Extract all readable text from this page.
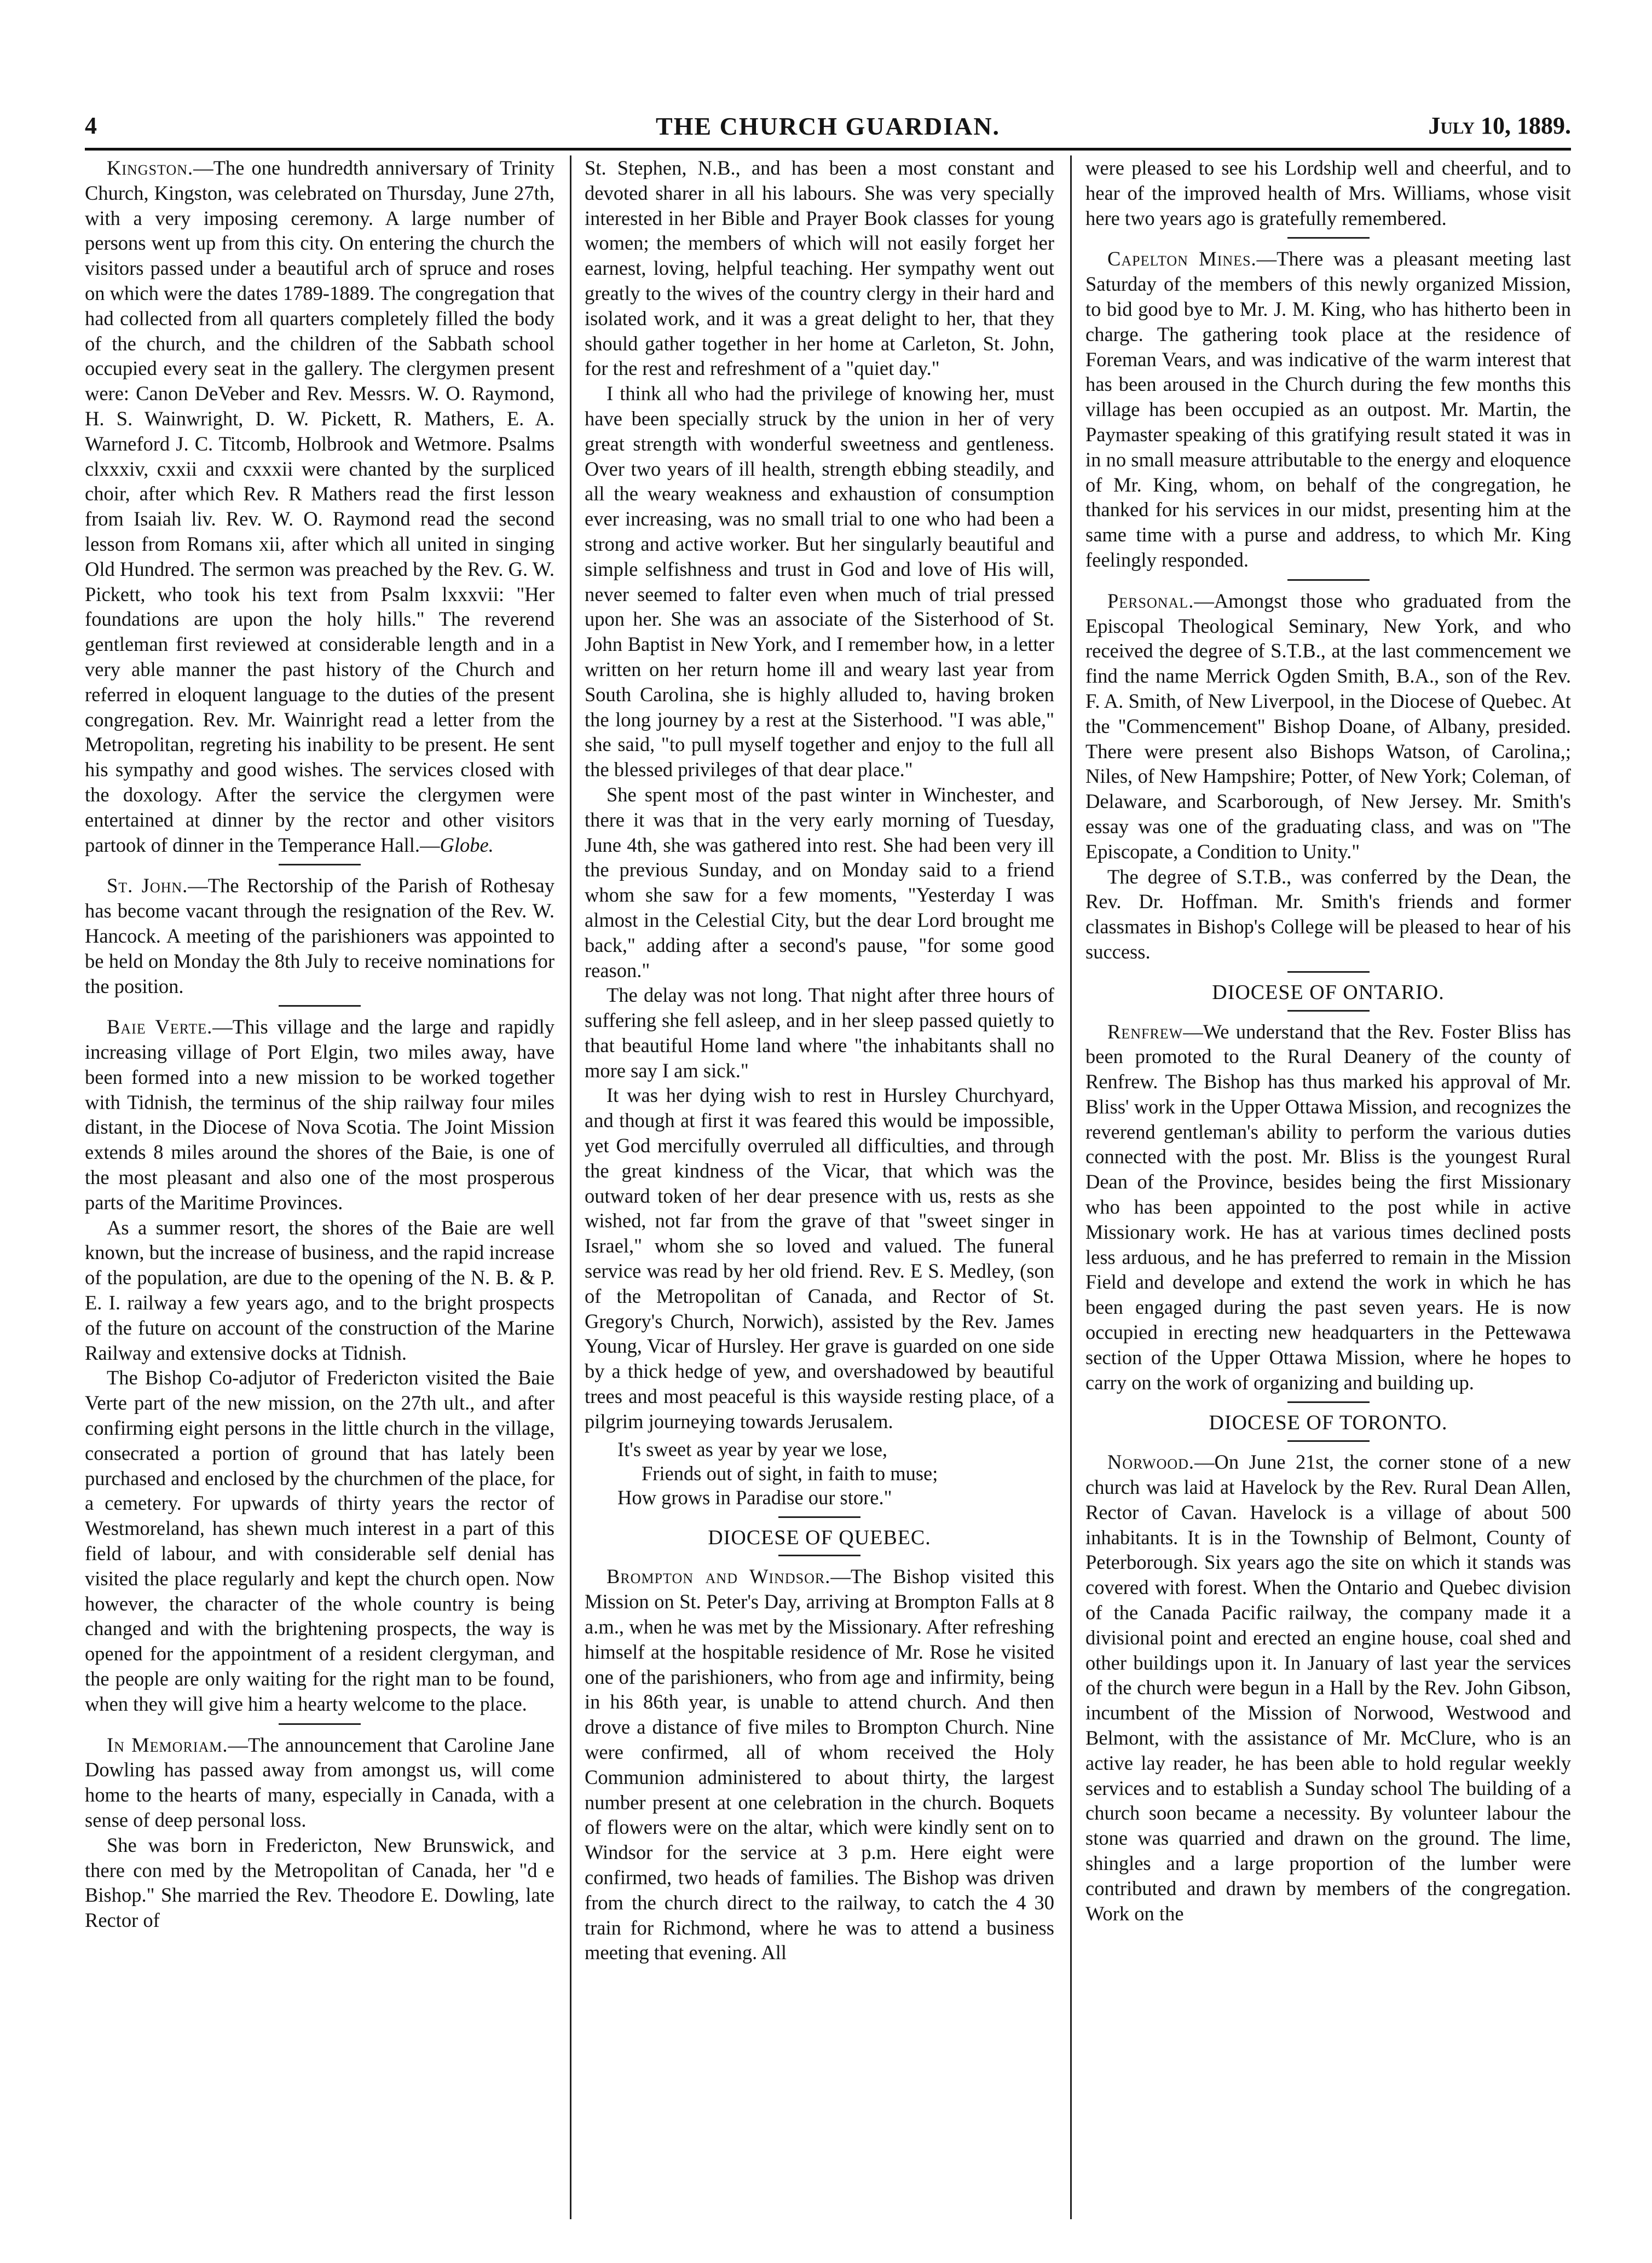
4	THE CHURCH GUARDIAN.	July 10, 1889.

Kingston.—The one hundredth anniversary of Trinity Church, Kingston, was celebrated on Thursday, June 27th, with a very imposing ceremony. A large number of persons went up from this city. On entering the church the visitors passed under a beautiful arch of spruce and roses on which were the dates 1789-1889. The congregation that had collected from all quarters completely filled the body of the church, and the children of the Sabbath school occupied every seat in the gallery. The clergymen present were: Canon DeVeber and Rev. Messrs. W. O. Raymond, H. S. Wainwright, D. W. Pickett, R. Mathers, E. A. Warneford J. C. Titcomb, Holbrook and Wetmore. Psalms clxxxiv, cxxii and cxxxii were chanted by the surpliced choir, after which Rev. R Mathers read the first lesson from Isaiah liv. Rev. W. O. Raymond read the second lesson from Romans xii, after which all united in singing Old Hundred. The sermon was preached by the Rev. G. W. Pickett, who took his text from Psalm lxxxvii: "Her foundations are upon the holy hills." The reverend gentleman first reviewed at considerable length and in a very able manner the past history of the Church and referred in eloquent language to the duties of the present congregation. Rev. Mr. Wainright read a letter from the Metropolitan, regreting his inability to be present. He sent his sympathy and good wishes. The services closed with the doxology. After the service the clergymen were entertained at dinner by the rector and other visitors partook of dinner in the Temperance Hall.—Globe.

St. John.—The Rectorship of the Parish of Rothesay has become vacant through the resignation of the Rev. W. Hancock. A meeting of the parishioners was appointed to be held on Monday the 8th July to receive nominations for the position.

Baie Verte.—This village and the large and rapidly increasing village of Port Elgin, two miles away, have been formed into a new mission to be worked together with Tidnish, the terminus of the ship railway four miles distant, in the Diocese of Nova Scotia. The Joint Mission extends 8 miles around the shores of the Baie, is one of the most pleasant and also one of the most prosperous parts of the Maritime Provinces.

As a summer resort, the shores of the Baie are well known, but the increase of business, and the rapid increase of the population, are due to the opening of the N. B. & P. E. I. railway a few years ago, and to the bright prospects of the future on account of the construction of the Marine Railway and extensive docks at Tidnish.

The Bishop Co-adjutor of Fredericton visited the Baie Verte part of the new mission, on the 27th ult., and after confirming eight persons in the little church in the village, consecrated a portion of ground that has lately been purchased and enclosed by the churchmen of the place, for a cemetery. For upwards of thirty years the rector of Westmoreland, has shewn much interest in a part of this field of labour, and with considerable self denial has visited the place regularly and kept the church open. Now however, the character of the whole country is being changed and with the brightening prospects, the way is opened for the appointment of a resident clergyman, and the people are only waiting for the right man to be found, when they will give him a hearty welcome to the place.

In Memoriam.—The announcement that Caroline Jane Dowling has passed away from amongst us, will come home to the hearts of many, especially in Canada, with a sense of deep personal loss.

She was born in Fredericton, New Brunswick, and there con med by the Metropolitan of Canada, her "d e Bishop." She married the Rev. Theodore E. Dowling, late Rector of

St. Stephen, N.B., and has been a most constant and devoted sharer in all his labours. She was very specially interested in her Bible and Prayer Book classes for young women; the members of which will not easily forget her earnest, loving, helpful teaching. Her sympathy went out greatly to the wives of the country clergy in their hard and isolated work, and it was a great delight to her, that they should gather together in her home at Carleton, St. John, for the rest and refreshment of a "quiet day."

I think all who had the privilege of knowing her, must have been specially struck by the union in her of very great strength with wonderful sweetness and gentleness. Over two years of ill health, strength ebbing steadily, and all the weary weakness and exhaustion of consumption ever increasing, was no small trial to one who had been a strong and active worker. But her singularly beautiful and simple selfishness and trust in God and love of His will, never seemed to falter even when much of trial pressed upon her. She was an associate of the Sisterhood of St. John Baptist in New York, and I remember how, in a letter written on her return home ill and weary last year from South Carolina, she is highly alluded to, having broken the long journey by a rest at the Sisterhood. "I was able," she said, "to pull myself together and enjoy to the full all the blessed privileges of that dear place."

She spent most of the past winter in Winchester, and there it was that in the very early morning of Tuesday, June 4th, she was gathered into rest. She had been very ill the previous Sunday, and on Monday said to a friend whom she saw for a few moments, "Yesterday I was almost in the Celestial City, but the dear Lord brought me back," adding after a second's pause, "for some good reason."

The delay was not long. That night after three hours of suffering she fell asleep, and in her sleep passed quietly to that beautiful Home land where "the inhabitants shall no more say I am sick."

It was her dying wish to rest in Hursley Churchyard, and though at first it was feared this would be impossible, yet God mercifully overruled all difficulties, and through the great kindness of the Vicar, that which was the outward token of her dear presence with us, rests as she wished, not far from the grave of that "sweet singer in Israel," whom she so loved and valued. The funeral service was read by her old friend. Rev. E S. Medley, (son of the Metropolitan of Canada, and Rector of St. Gregory's Church, Norwich), assisted by the Rev. James Young, Vicar of Hursley. Her grave is guarded on one side by a thick hedge of yew, and overshadowed by beautiful trees and most peaceful is this wayside resting place, of a pilgrim journeying towards Jerusalem.

It's sweet as year by year we lose,
Friends out of sight, in faith to muse;
How grows in Paradise our store."
DIOCESE OF QUEBEC.

Brompton and Windsor.—The Bishop visited this Mission on St. Peter's Day, arriving at Brompton Falls at 8 a.m., when he was met by the Missionary. After refreshing himself at the hospitable residence of Mr. Rose he visited one of the parishioners, who from age and infirmity, being in his 86th year, is unable to attend church. And then drove a distance of five miles to Brompton Church. Nine were confirmed, all of whom received the Holy Communion administered to about thirty, the largest number present at one celebration in the church. Boquets of flowers were on the altar, which were kindly sent on to Windsor for the service at 3 p.m. Here eight were confirmed, two heads of families. The Bishop was driven from the church direct to the railway, to catch the 4 30 train for Richmond, where he was to attend a business meeting that evening. All

were pleased to see his Lordship well and cheerful, and to hear of the improved health of Mrs. Williams, whose visit here two years ago is gratefully remembered.

Capelton Mines.—There was a pleasant meeting last Saturday of the members of this newly organized Mission, to bid good bye to Mr. J. M. King, who has hitherto been in charge. The gathering took place at the residence of Foreman Vears, and was indicative of the warm interest that has been aroused in the Church during the few months this village has been occupied as an outpost. Mr. Martin, the Paymaster speaking of this gratifying result stated it was in in no small measure attributable to the energy and eloquence of Mr. King, whom, on behalf of the congregation, he thanked for his services in our midst, presenting him at the same time with a purse and address, to which Mr. King feelingly responded.

Personal.—Amongst those who graduated from the Episcopal Theological Seminary, New York, and who received the degree of S.T.B., at the last commencement we find the name Merrick Ogden Smith, B.A., son of the Rev. F. A. Smith, of New Liverpool, in the Diocese of Quebec. At the "Commencement" Bishop Doane, of Albany, presided. There were present also Bishops Watson, of Carolina,; Niles, of New Hampshire; Potter, of New York; Coleman, of Delaware, and Scarborough, of New Jersey. Mr. Smith's essay was one of the graduating class, and was on "The Episcopate, a Condition to Unity."

The degree of S.T.B., was conferred by the Dean, the Rev. Dr. Hoffman. Mr. Smith's friends and former classmates in Bishop's College will be pleased to hear of his success.

DIOCESE OF ONTARIO.

Renfrew—We understand that the Rev. Foster Bliss has been promoted to the Rural Deanery of the county of Renfrew. The Bishop has thus marked his approval of Mr. Bliss' work in the Upper Ottawa Mission, and recognizes the reverend gentleman's ability to perform the various duties connected with the post. Mr. Bliss is the youngest Rural Dean of the Province, besides being the first Missionary who has been appointed to the post while in active Missionary work. He has at various times declined posts less arduous, and he has preferred to remain in the Mission Field and develope and extend the work in which he has been engaged during the past seven years. He is now occupied in erecting new headquarters in the Pettewawa section of the Upper Ottawa Mission, where he hopes to carry on the work of organizing and building up.

DIOCESE OF TORONTO.

Norwood.—On June 21st, the corner stone of a new church was laid at Havelock by the Rev. Rural Dean Allen, Rector of Cavan. Havelock is a village of about 500 inhabitants. It is in the Township of Belmont, County of Peterborough. Six years ago the site on which it stands was covered with forest. When the Ontario and Quebec division of the Canada Pacific railway, the company made it a divisional point and erected an engine house, coal shed and other buildings upon it. In January of last year the services of the church were begun in a Hall by the Rev. John Gibson, incumbent of the Mission of Norwood, Westwood and Belmont, with the assistance of Mr. McClure, who is an active lay reader, he has been able to hold regular weekly services and to establish a Sunday school The building of a church soon became a necessity. By volunteer labour the stone was quarried and drawn on the ground. The lime, shingles and a large proportion of the lumber were contributed and drawn by members of the congregation. Work on the
